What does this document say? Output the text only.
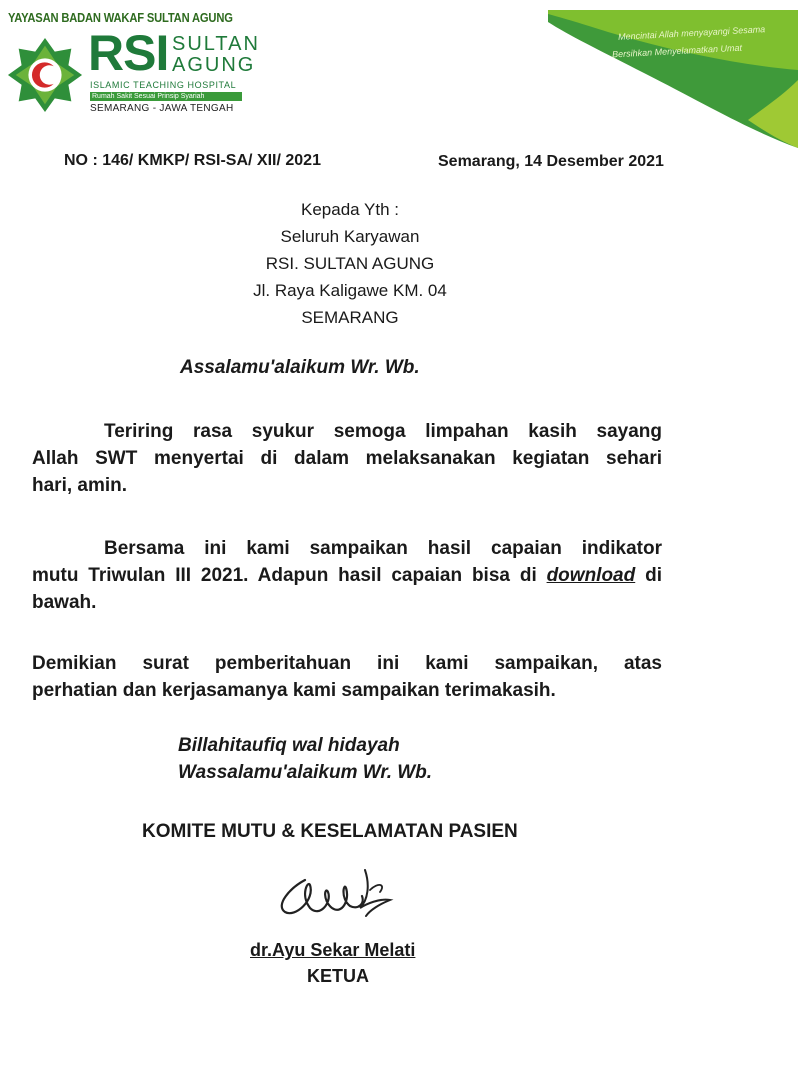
YAYASAN BADAN WAKAF SULTAN AGUNG
RSI SULTAN
AGUNG
ISLAMIC TEACHING HOSPITAL
Rumah Sakit Sesuai Prinsip Syariah
SEMARANG - JAWA TENGAH
Mencintai Allah menyayangi Sesama
Bersihkan Menyelamatkan Umat
NO : 146/ KMKP/ RSI-SA/ XII/ 2021	Semarang, 14 Desember 2021
Kepada Yth :
Seluruh Karyawan
RSI. SULTAN AGUNG
Jl. Raya Kaligawe KM. 04
SEMARANG
Assalamu'alaikum Wr. Wb.
Teriring rasa syukur semoga limpahan kasih sayang
Allah SWT menyertai di dalam melaksanakan kegiatan sehari
hari, amin.
Bersama ini kami sampaikan hasil capaian indikator
mutu Triwulan III 2021. Adapun hasil capaian bisa di download di
bawah.
Demikian surat pemberitahuan ini kami sampaikan, atas
perhatian dan kerjasamanya kami sampaikan terimakasih.
Billahitaufiq wal hidayah
Wassalamu'alaikum Wr. Wb.
KOMITE MUTU & KESELAMATAN PASIEN
dr.Ayu Sekar Melati
KETUA
